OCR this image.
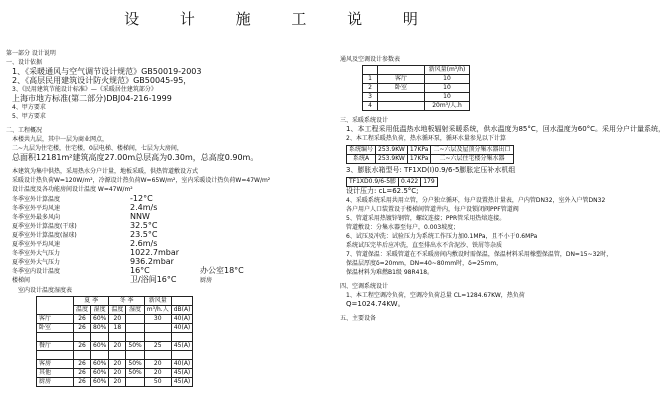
设 计 施 工 说 明
第一部分 设计说明
一、设计依据
1、《采暖通风与空气调节设计规范》GB50019-2003
2、《高层民用建筑设计防火规范》GB50045-95，
3、《民用建筑节能设计标准》—《采暖居住建筑部分》
上海市地方标准(第二部分)DBJ04-216-1999
4、甲方要求
5、甲方要求
二、工程概况
本楼共九层，其中一层为商业网点，
二~九层为住宅楼，住宅楼，0层电梯、楼梯间，七层为大房间，
总面积12181m²建筑高度27.00m总层高为0.30m，总高度0.90m。
本建筑为集中供热，采用热水分户计量，地板采暖，供热管道敷设方式
采暖设计热负荷W=120W/m²，冷源设计热负荷W=65W/m²，室内采暖设计热负荷W=47W/m²
设计温度及各功能房间设计温度 W=47W/m²
冬季室外计算温度	-12°C
冬季室外平均风速	2.4m/s
冬季室外最多风向	NNW
夏季室外计算温度(干球)	32.5°C
夏季室外计算温度(湿球)	23.5°C
夏季室外平均风速	2.6m/s
冬季室外大气压力	1022.7mbar
夏季室外大气压力	936.2mbar
冬季室内设计温度	16°C	办公室18°C
楼梯间	卫/浴间16°C	厨房
室内设计温度湿度表
	夏 季		冬 季		新风量	
	温度	湿度	温度	湿度	m³/h.人	dB(A)
客厅	26	60%	20		30	40(A)
卧室	26	80%	18			40(A)

餐厅	26	60%	20	50%	25	45(A)

客房	26	60%	20	50%	20	40(A)
其他	26	60%	20	50%	20	45(A)
厨房	26	60%	20		50	45(A)
通风及空调设计参数表
		新风量(m³/h)
1	客厅	10
2	卧室	10
3		10
4		20m³/人.h
三、采暖系统设计
1、本工程采用低温热水地板辐射采暖系统，供水温度为85°C，回水温度为60°C。采用分户计量系统，
2、本工程采暖热负荷，热水循环泵，循环水量参见以下计算
系统编号	253.9KW	17KPa	二~六层及屋顶分集水器出口
系统A	253.9KW	17KPa	二~六层住宅楼分集水器
3、膨胀水箱型号: TF1XD(I)0.9/6-5膨胀定压补水机组
TF1XD0.9/6-5膨	0.422	179
设计压力: cL=62.5°C;
4、采暖系统采用共用立管，分户独立循环，每户设置热计量表，户内管DN32，室外入户管DN32
各户用户人口装置设于楼梯间管道井内，每户设锁闭阀PPF管道阀
5、管道采用热镀锌钢管，螺纹连接；PPR管采用热熔连接。
管道敷设：分集水器至每户，0.003坡度；
6、试压及冲洗：试验压力为系统工作压力加0.1MPa，且不小于0.6MPa
系统试压完毕后应冲洗，直至排出水不含泥沙、铁屑等杂质
7、管道保温：采暖管道在不采暖房间内敷设时需保温，保温材料采用橡塑保温管，DN=15~32时，
保温层厚度δ=20mm，DN=40~80mm时，δ=25mm，
保温材料为难燃B1级 98R418。
四、空调系统设计
1、本工程空调冷负荷，空调冷负荷总量 CL=1284.67KW，热负荷
Q=1024.74KW。
五、主要设备
